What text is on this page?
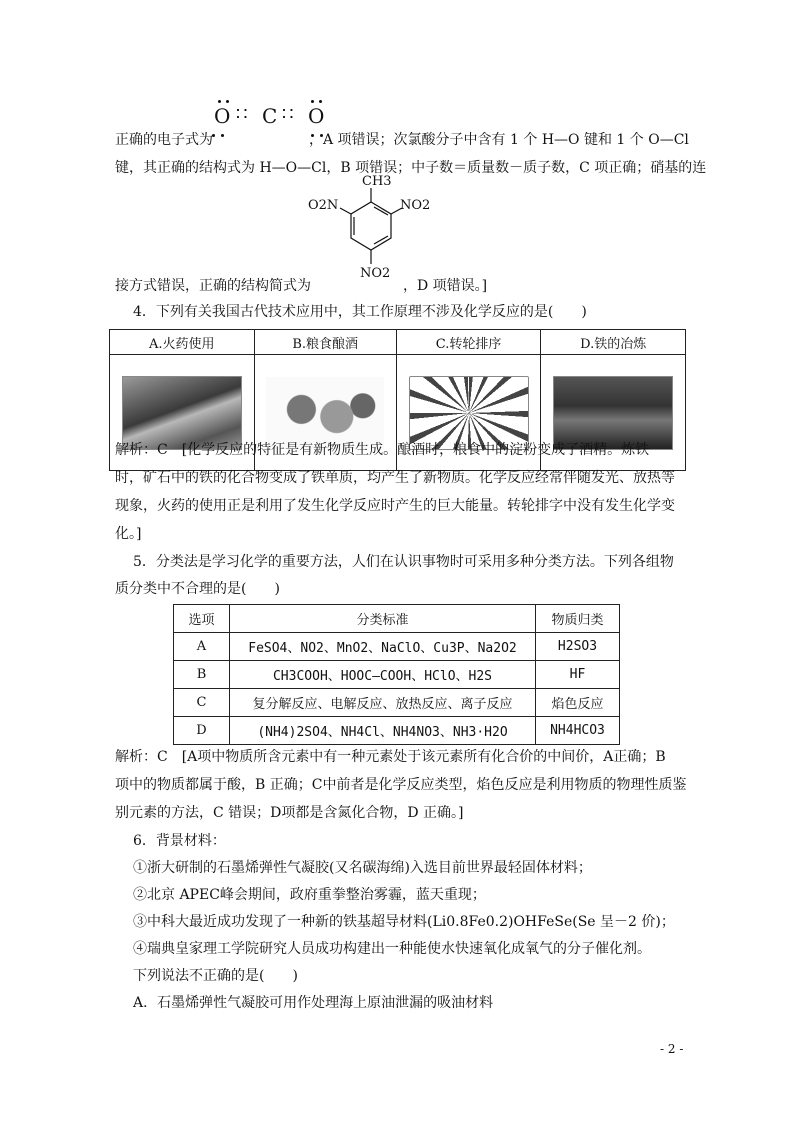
O ∷ C ∷ O
正确的电子式为	，A 项错误；次氯酸分子中含有 1 个 H—O 键和 1 个 O—Cl
键，其正确的结构式为 H—O—Cl，B 项错误；中子数＝质量数－质子数，C 项正确；硝基的连
CH3
O2N	NO2
NO2
接方式错误，正确的结构简式为	，D 项错误。]
4．下列有关我国古代技术应用中，其工作原理不涉及化学反应的是(　　)
A.火药使用	B.粮食酿酒	C.转轮排序	D.铁的冶炼

解析：C　[化学反应的特征是有新物质生成。酿酒时，粮食中的淀粉变成了酒精。炼铁
时，矿石中的铁的化合物变成了铁单质，均产生了新物质。化学反应经常伴随发光、放热等
现象，火药的使用正是利用了发生化学反应时产生的巨大能量。转轮排字中没有发生化学变
化。]
5．分类法是学习化学的重要方法，人们在认识事物时可采用多种分类方法。下列各组物
质分类中不合理的是(　　)
选项	分类标准	物质归类
A	FeSO4、NO2、MnO2、NaClO、Cu3P、Na2O2	H2SO3
B	CH3COOH、HOOC—COOH、HClO、H2S	HF
C	复分解反应、电解反应、放热反应、离子反应	焰色反应
D	(NH4)2SO4、NH4Cl、NH4NO3、NH3·H2O	NH4HCO3
解析：C　[A项中物质所含元素中有一种元素处于该元素所有化合价的中间价，A正确；B
项中的物质都属于酸，B 正确；C中前者是化学反应类型，焰色反应是利用物质的物理性质鉴
别元素的方法，C 错误；D项都是含氮化合物，D 正确。]
6．背景材料：
①浙大研制的石墨烯弹性气凝胶(又名碳海绵)入选目前世界最轻固体材料；
②北京 APEC峰会期间，政府重拳整治雾霾，蓝天重现；
③中科大最近成功发现了一种新的铁基超导材料(Li0.8Fe0.2)OHFeSe(Se 呈－2 价)；
④瑞典皇家理工学院研究人员成功构建出一种能使水快速氧化成氧气的分子催化剂。
下列说法不正确的是(　　)
A．石墨烯弹性气凝胶可用作处理海上原油泄漏的吸油材料
- 2 -
